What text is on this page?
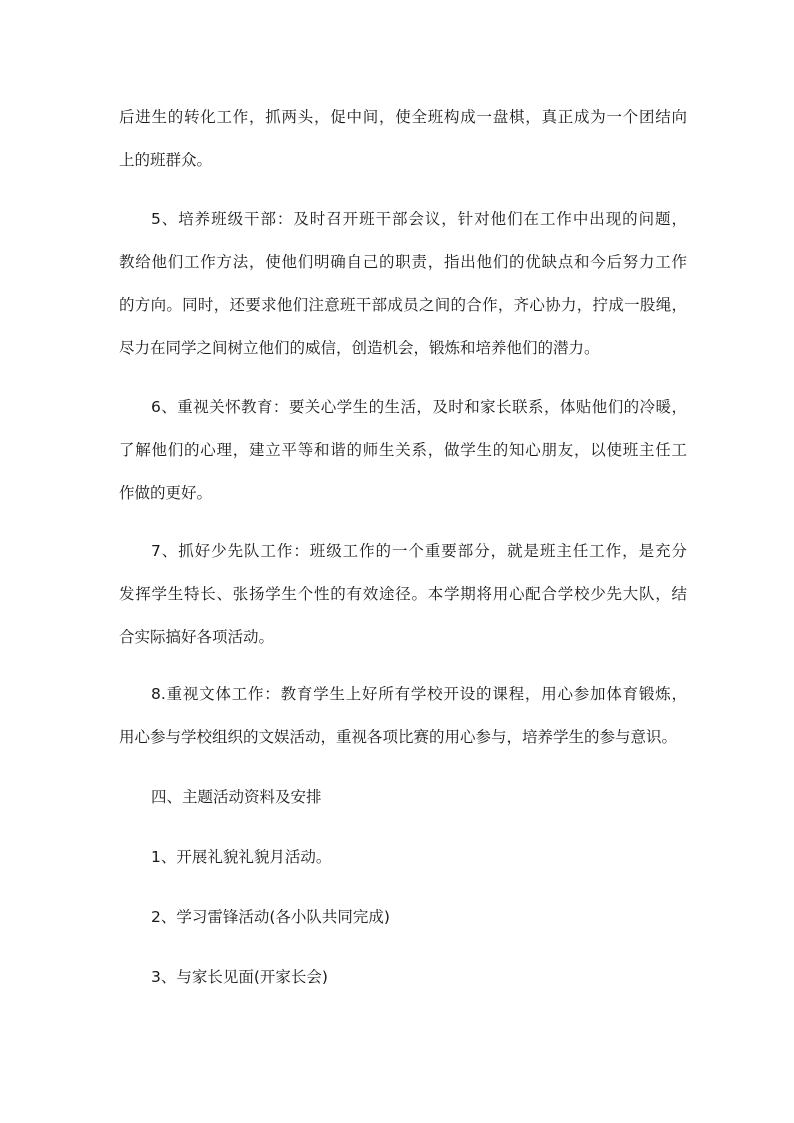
后进生的转化工作，抓两头，促中间，使全班构成一盘棋，真正成为一个团结向
上的班群众。
5、培养班级干部：及时召开班干部会议，针对他们在工作中出现的问题，
教给他们工作方法，使他们明确自己的职责，指出他们的优缺点和今后努力工作
的方向。同时，还要求他们注意班干部成员之间的合作，齐心协力，拧成一股绳，
尽力在同学之间树立他们的威信，创造机会，锻炼和培养他们的潜力。
6、重视关怀教育：要关心学生的生活，及时和家长联系，体贴他们的冷暖，
了解他们的心理，建立平等和谐的师生关系，做学生的知心朋友，以使班主任工
作做的更好。
7、抓好少先队工作：班级工作的一个重要部分，就是班主任工作，是充分
发挥学生特长、张扬学生个性的有效途径。本学期将用心配合学校少先大队，结
合实际搞好各项活动。
8.重视文体工作：教育学生上好所有学校开设的课程，用心参加体育锻炼，
用心参与学校组织的文娱活动，重视各项比赛的用心参与，培养学生的参与意识。
四、主题活动资料及安排
1、开展礼貌礼貌月活动。
2、学习雷锋活动(各小队共同完成)
3、与家长见面(开家长会)
